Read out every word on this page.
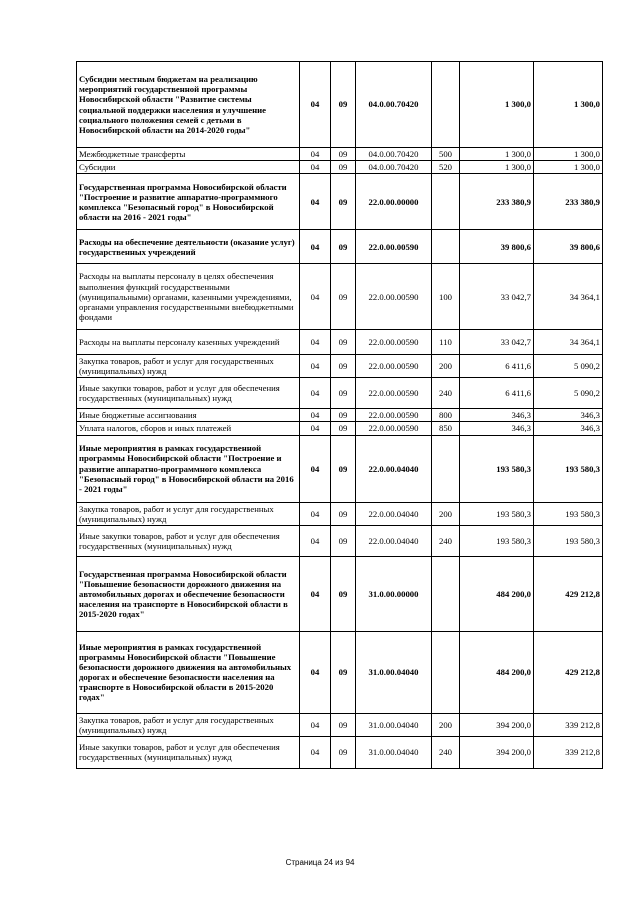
Субсидии местным бюджетам на реализацию мероприятий государственной программы Новосибирской области "Развитие системы социальной поддержки населения и улучшение социального положения семей с детьми в Новосибирской области на 2014-2020 годы"	04	09	04.0.00.70420		1 300,0	1 300,0
Межбюджетные трансферты	04	09	04.0.00.70420	500	1 300,0	1 300,0
Субсидии	04	09	04.0.00.70420	520	1 300,0	1 300,0
Государственная программа Новосибирской области "Построение и развитие аппаратно-программного комплекса "Безопасный город" в Новосибирской области на 2016 - 2021 годы"	04	09	22.0.00.00000		233 380,9	233 380,9
Расходы на обеспечение деятельности (оказание услуг) государственных учреждений	04	09	22.0.00.00590		39 800,6	39 800,6
Расходы на выплаты персоналу в целях обеспечения выполнения функций государственными (муниципальными) органами, казенными учреждениями, органами управления государственными внебюджетными фондами	04	09	22.0.00.00590	100	33 042,7	34 364,1
Расходы на выплаты персоналу казенных учреждений	04	09	22.0.00.00590	110	33 042,7	34 364,1
Закупка товаров, работ и услуг для государственных (муниципальных) нужд	04	09	22.0.00.00590	200	6 411,6	5 090,2
Иные закупки товаров, работ и услуг для обеспечения государственных (муниципальных) нужд	04	09	22.0.00.00590	240	6 411,6	5 090,2
Иные бюджетные ассигнования	04	09	22.0.00.00590	800	346,3	346,3
Уплата налогов, сборов и иных платежей	04	09	22.0.00.00590	850	346,3	346,3
Иные мероприятия в рамках государственной программы Новосибирской области "Построение и развитие аппаратно-программного комплекса "Безопасный город" в Новосибирской области на 2016 - 2021 годы"	04	09	22.0.00.04040		193 580,3	193 580,3
Закупка товаров, работ и услуг для государственных (муниципальных) нужд	04	09	22.0.00.04040	200	193 580,3	193 580,3
Иные закупки товаров, работ и услуг для обеспечения государственных (муниципальных) нужд	04	09	22.0.00.04040	240	193 580,3	193 580,3
Государственная программа Новосибирской области "Повышение безопасности дорожного движения на автомобильных дорогах и обеспечение безопасности населения на транспорте в Новосибирской области в 2015-2020 годах"	04	09	31.0.00.00000		484 200,0	429 212,8
Иные мероприятия в рамках государственной программы Новосибирской области "Повышение безопасности дорожного движения на автомобильных дорогах и обеспечение безопасности населения на транспорте в Новосибирской области в 2015-2020 годах"	04	09	31.0.00.04040		484 200,0	429 212,8
Закупка товаров, работ и услуг для государственных (муниципальных) нужд	04	09	31.0.00.04040	200	394 200,0	339 212,8
Иные закупки товаров, работ и услуг для обеспечения государственных (муниципальных) нужд	04	09	31.0.00.04040	240	394 200,0	339 212,8
Страница 24 из 94
